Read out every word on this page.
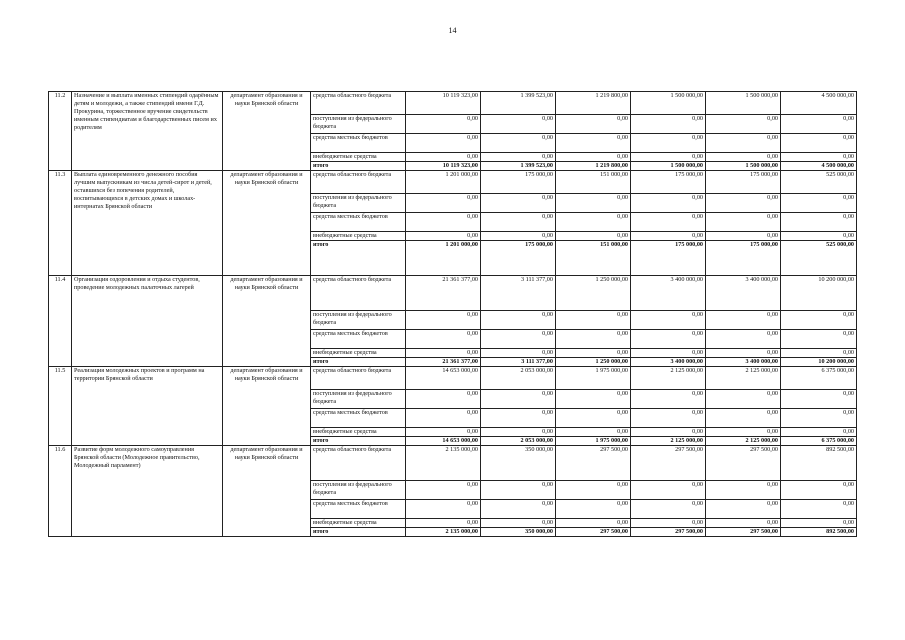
14
11.2	Назначение и выплата именных стипендий одарённым детям и молодежи, а также стипендий имени Г.Д. Прокурина, торжественное вручение свидетельств именным стипендиатам и благодарственных писем их родителям	департамент образования и науки Брянской области	средства областного бюджета	10 119 323,00	1 399 523,00	1 219 800,00	1 500 000,00	1 500 000,00	4 500 000,00
			поступления из федерального бюджета	0,00	0,00	0,00	0,00	0,00	0,00
			средства местных бюджетов	0,00	0,00	0,00	0,00	0,00	0,00
			внебюджетные средства	0,00	0,00	0,00	0,00	0,00	0,00
			итого	10 119 323,00	1 399 523,00	1 219 800,00	1 500 000,00	1 500 000,00	4 500 000,00
11.3	Выплата единовременного денежного пособия лучшим выпускникам из числа детей-сирот и детей, оставшихся без попечения родителей, воспитывающихся в детских домах и школах-интернатах Брянской области	департамент образования и науки Брянской области	средства областного бюджета	1 201 000,00	175 000,00	151 000,00	175 000,00	175 000,00	525 000,00
			поступления из федерального бюджета	0,00	0,00	0,00	0,00	0,00	0,00
			средства местных бюджетов	0,00	0,00	0,00	0,00	0,00	0,00
			внебюджетные средства	0,00	0,00	0,00	0,00	0,00	0,00
			итого	1 201 000,00	175 000,00	151 000,00	175 000,00	175 000,00	525 000,00
11.4	Организация оздоровления и отдыха студентов, проведение молодежных палаточных лагерей	департамент образования и науки Брянской области	средства областного бюджета	21 361 377,00	3 111 377,00	1 250 000,00	3 400 000,00	3 400 000,00	10 200 000,00
			поступления из федерального бюджета	0,00	0,00	0,00	0,00	0,00	0,00
			средства местных бюджетов	0,00	0,00	0,00	0,00	0,00	0,00
			внебюджетные средства	0,00	0,00	0,00	0,00	0,00	0,00
			итого	21 361 377,00	3 111 377,00	1 250 000,00	3 400 000,00	3 400 000,00	10 200 000,00
11.5	Реализация молодежных проектов и программ на территории Брянской области	департамент образования и науки Брянской области	средства областного бюджета	14 653 000,00	2 053 000,00	1 975 000,00	2 125 000,00	2 125 000,00	6 375 000,00
			поступления из федерального бюджета	0,00	0,00	0,00	0,00	0,00	0,00
			средства местных бюджетов	0,00	0,00	0,00	0,00	0,00	0,00
			внебюджетные средства	0,00	0,00	0,00	0,00	0,00	0,00
			итого	14 653 000,00	2 053 000,00	1 975 000,00	2 125 000,00	2 125 000,00	6 375 000,00
11.6	Развитие форм молодежного самоуправления Брянской области (Молодежное правительство, Молодежный парламент)	департамент образования и науки Брянской области	средства областного бюджета	2 135 000,00	350 000,00	297 500,00	297 500,00	297 500,00	892 500,00
			поступления из федерального бюджета	0,00	0,00	0,00	0,00	0,00	0,00
			средства местных бюджетов	0,00	0,00	0,00	0,00	0,00	0,00
			внебюджетные средства	0,00	0,00	0,00	0,00	0,00	0,00
			итого	2 135 000,00	350 000,00	297 500,00	297 500,00	297 500,00	892 500,00
